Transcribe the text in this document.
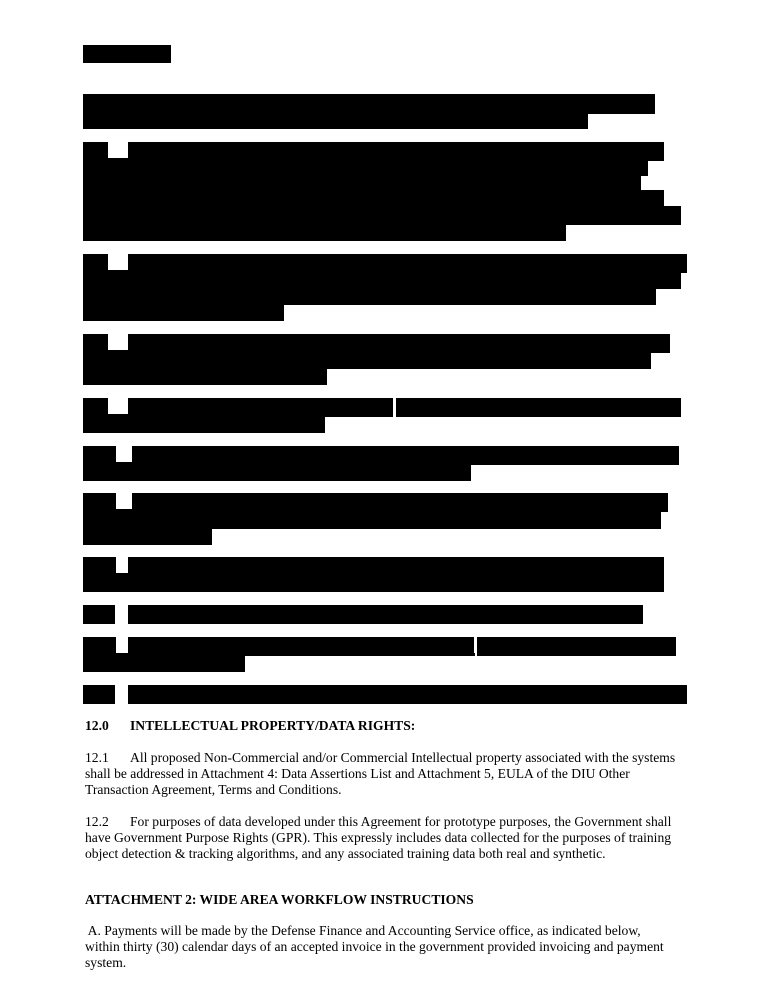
12.0 INTELLECTUAL PROPERTY/DATA RIGHTS:
12.1 All proposed Non-Commercial and/or Commercial Intellectual property associated with the systems
shall be addressed in Attachment 4: Data Assertions List and Attachment 5, EULA of the DIU Other
Transaction Agreement, Terms and Conditions.
12.2 For purposes of data developed under this Agreement for prototype purposes, the Government shall
have Government Purpose Rights (GPR). This expressly includes data collected for the purposes of training
object detection & tracking algorithms, and any associated training data both real and synthetic.
ATTACHMENT 2: WIDE AREA WORKFLOW INSTRUCTIONS
A. Payments will be made by the Defense Finance and Accounting Service office, as indicated below,
within thirty (30) calendar days of an accepted invoice in the government provided invoicing and payment
system.
